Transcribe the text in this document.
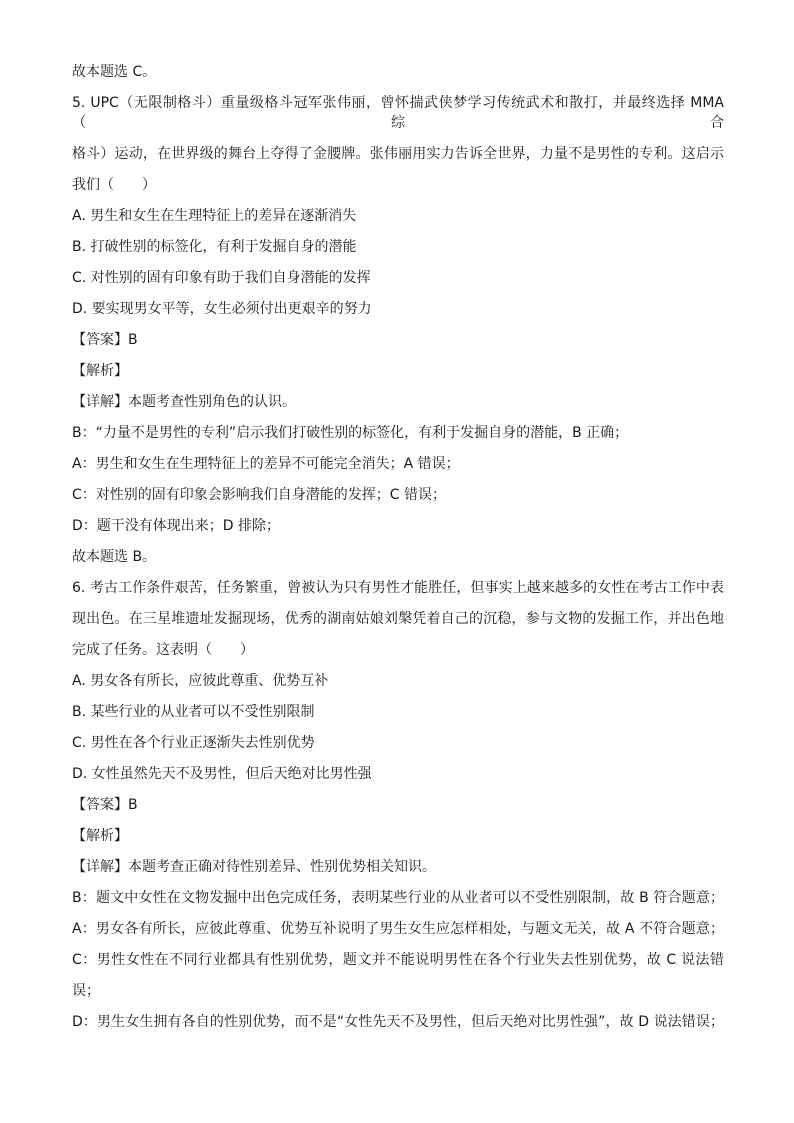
故本题选 C。

5. UPC（无限制格斗）重量级格斗冠军张伟丽，曾怀揣武侠梦学习传统武术和散打，并最终选择 MMA（综合

格斗）运动，在世界级的舞台上夺得了金腰牌。张伟丽用实力告诉全世界，力量不是男性的专利。这启示

我们（　　）

A. 男生和女生在生理特征上的差异在逐渐消失

B. 打破性别的标签化，有利于发掘自身的潜能

C. 对性别的固有印象有助于我们自身潜能的发挥

D. 要实现男女平等，女生必须付出更艰辛的努力

【答案】B

【解析】

【详解】本题考查性别角色的认识。

B：“力量不是男性的专利”启示我们打破性别的标签化，有利于发掘自身的潜能，B 正确；

A：男生和女生在生理特征上的差异不可能完全消失；A 错误；

C：对性别的固有印象会影响我们自身潜能的发挥；C 错误；

D：题干没有体现出来；D 排除；

故本题选 B。

6. 考古工作条件艰苦，任务繁重，曾被认为只有男性才能胜任，但事实上越来越多的女性在考古工作中表

现出色。在三星堆遗址发掘现场，优秀的湖南姑娘刘槃凭着自己的沉稳，参与文物的发掘工作，并出色地

完成了任务。这表明（　　）

A. 男女各有所长，应彼此尊重、优势互补

B. 某些行业的从业者可以不受性别限制

C. 男性在各个行业正逐渐失去性别优势

D. 女性虽然先天不及男性，但后天绝对比男性强

【答案】B

【解析】

【详解】本题考查正确对待性别差异、性别优势相关知识。

B：题文中女性在文物发掘中出色完成任务，表明某些行业的从业者可以不受性别限制，故 B 符合题意；

A：男女各有所长，应彼此尊重、优势互补说明了男生女生应怎样相处，与题文无关，故 A 不符合题意；

C：男性女性在不同行业都具有性别优势，题文并不能说明男性在各个行业失去性别优势，故 C 说法错

误；

D：男生女生拥有各自的性别优势，而不是“女性先天不及男性，但后天绝对比男性强”，故 D 说法错误；
